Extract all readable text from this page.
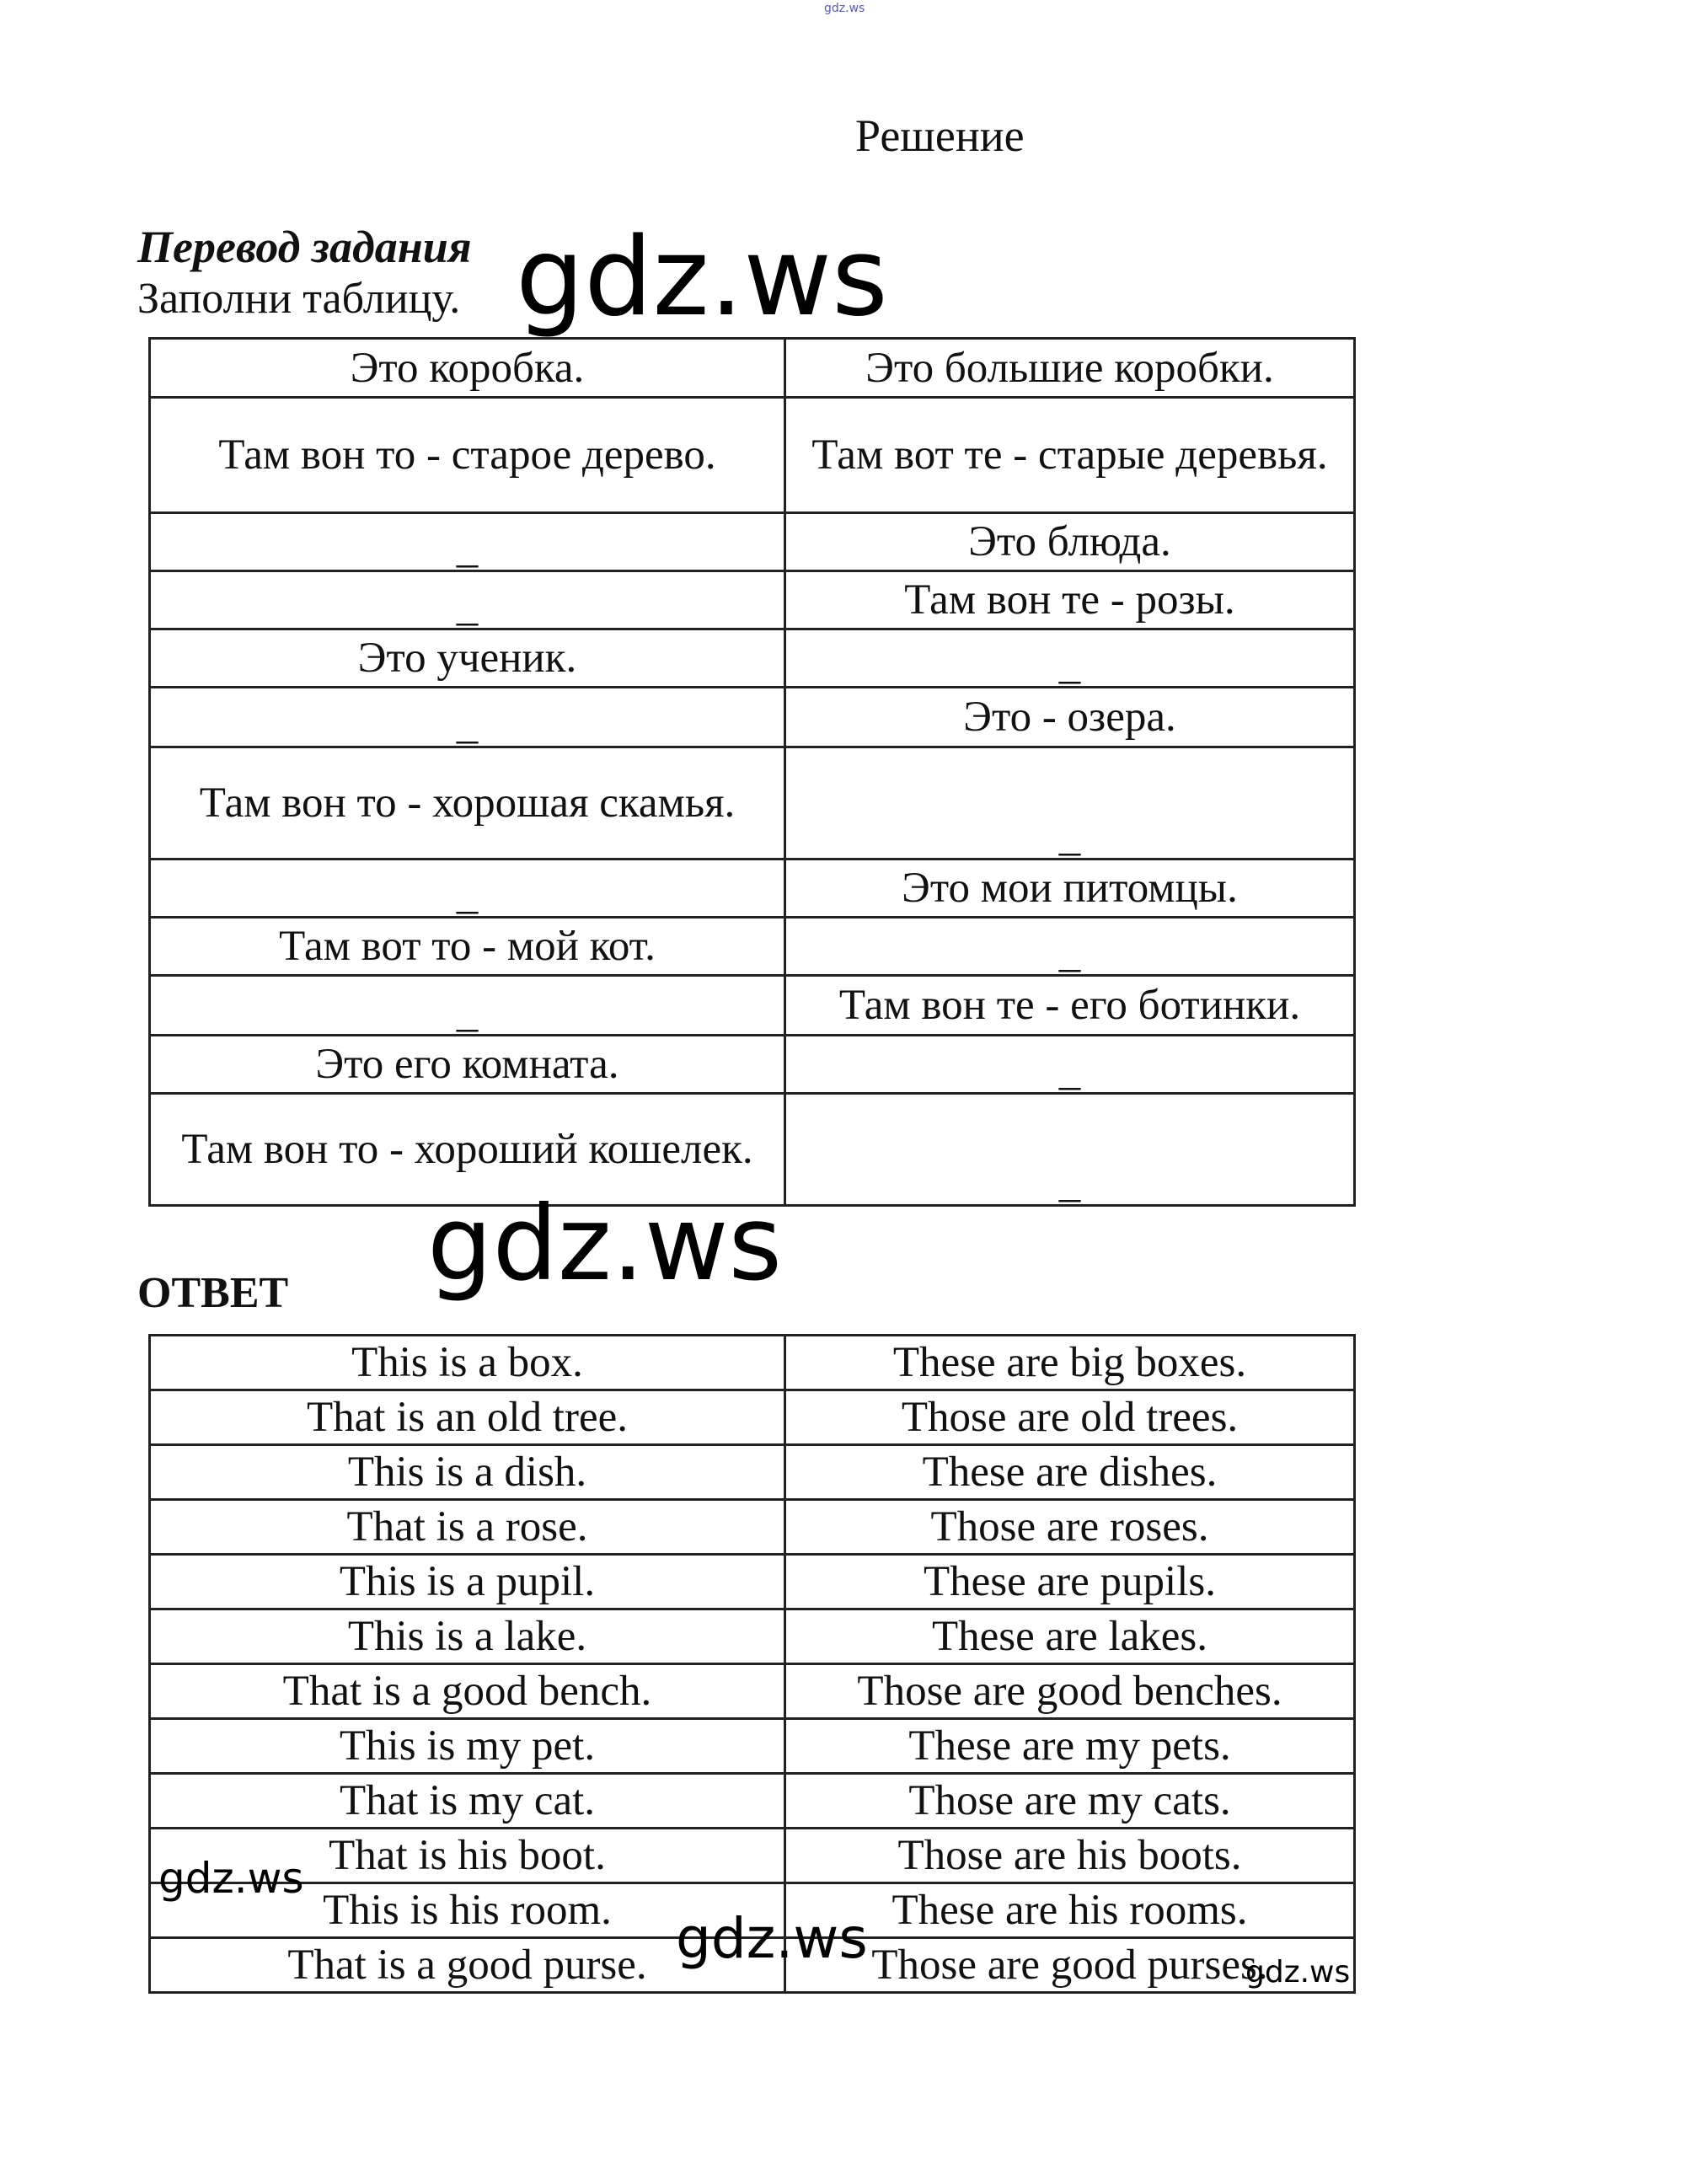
gdz.ws
Решение
Перевод задания
Заполни таблицу.
Это коробка.	Это большие коробки.
Там вон то - старое дерево.	Там вот те - старые деревья.
_	Это блюда.
_	Там вон те - розы.
Это ученик.	_
_	Это - озера.
Там вон то - хорошая скамья.	_
_	Это мои питомцы.
Там вот то - мой кот.	_
_	Там вон те - его ботинки.
Это его комната.	_
Там вон то - хороший кошелек.	_
ОТВЕТ
This is a box.	These are big boxes.
That is an old tree.	Those are old trees.
This is a dish.	These are dishes.
That is a rose.	Those are roses.
This is a pupil.	These are pupils.
This is a lake.	These are lakes.
That is a good bench.	Those are good benches.
This is my pet.	These are my pets.
That is my cat.	Those are my cats.
That is his boot.	Those are his boots.
This is his room.	These are his rooms.
That is a good purse.	Those are good purses.
gdz.ws
gdz.ws
gdz.ws
gdz.ws
gdz.ws
